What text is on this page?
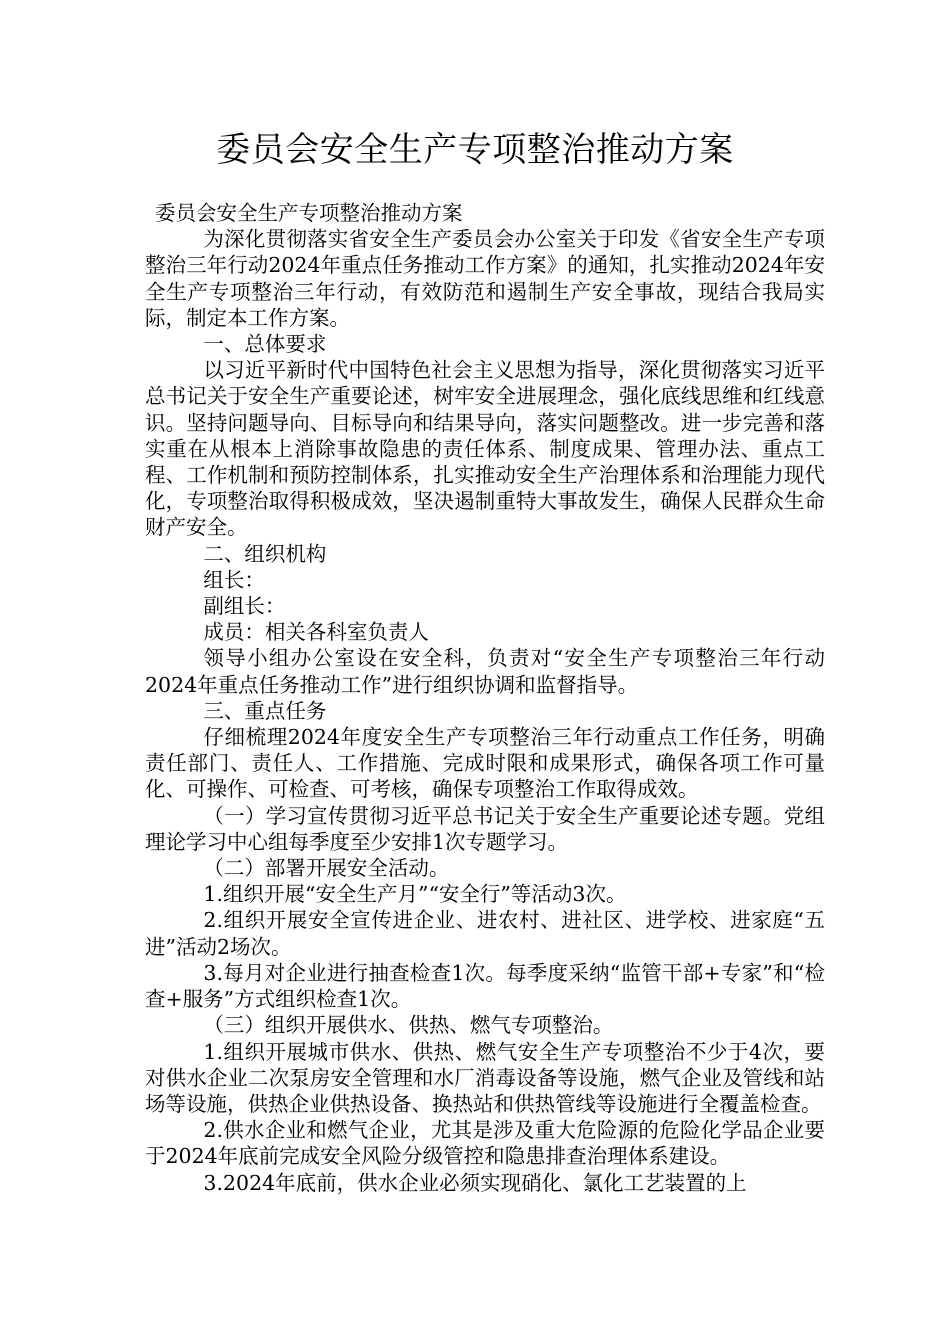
委员会安全生产专项整治推动方案

委员会安全生产专项整治推动方案

为深化贯彻落实省安全生产委员会办公室关于印发《省安全生产专项整治三年行动2024年重点任务推动工作方案》的通知，扎实推动2024年安全生产专项整治三年行动，有效防范和遏制生产安全事故，现结合我局实际，制定本工作方案。

一、总体要求

以习近平新时代中国特色社会主义思想为指导，深化贯彻落实习近平总书记关于安全生产重要论述，树牢安全进展理念，强化底线思维和红线意识。坚持问题导向、目标导向和结果导向，落实问题整改。进一步完善和落实重在从根本上消除事故隐患的责任体系、制度成果、管理办法、重点工程、工作机制和预防控制体系，扎实推动安全生产治理体系和治理能力现代化，专项整治取得积极成效，坚决遏制重特大事故发生，确保人民群众生命财产安全。

二、组织机构

组长：

副组长：

成员：相关各科室负责人

领导小组办公室设在安全科，负责对“安全生产专项整治三年行动2024年重点任务推动工作”进行组织协调和监督指导。

三、重点任务

仔细梳理2024年度安全生产专项整治三年行动重点工作任务，明确责任部门、责任人、工作措施、完成时限和成果形式，确保各项工作可量化、可操作、可检查、可考核，确保专项整治工作取得成效。

（一）学习宣传贯彻习近平总书记关于安全生产重要论述专题。党组理论学习中心组每季度至少安排1次专题学习。

（二）部署开展安全活动。

1.组织开展“安全生产月”“安全行”等活动3次。

2.组织开展安全宣传进企业、进农村、进社区、进学校、进家庭“五进”活动2场次。

3.每月对企业进行抽查检查1次。每季度采纳“监管干部+专家”和“检查+服务”方式组织检查1次。

（三）组织开展供水、供热、燃气专项整治。

1.组织开展城市供水、供热、燃气安全生产专项整治不少于4次，要对供水企业二次泵房安全管理和水厂消毒设备等设施，燃气企业及管线和站场等设施，供热企业供热设备、换热站和供热管线等设施进行全覆盖检查。

2.供水企业和燃气企业，尤其是涉及重大危险源的危险化学品企业要于2024年底前完成安全风险分级管控和隐患排查治理体系建设。

3.2024年底前，供水企业必须实现硝化、氯化工艺装置的上
